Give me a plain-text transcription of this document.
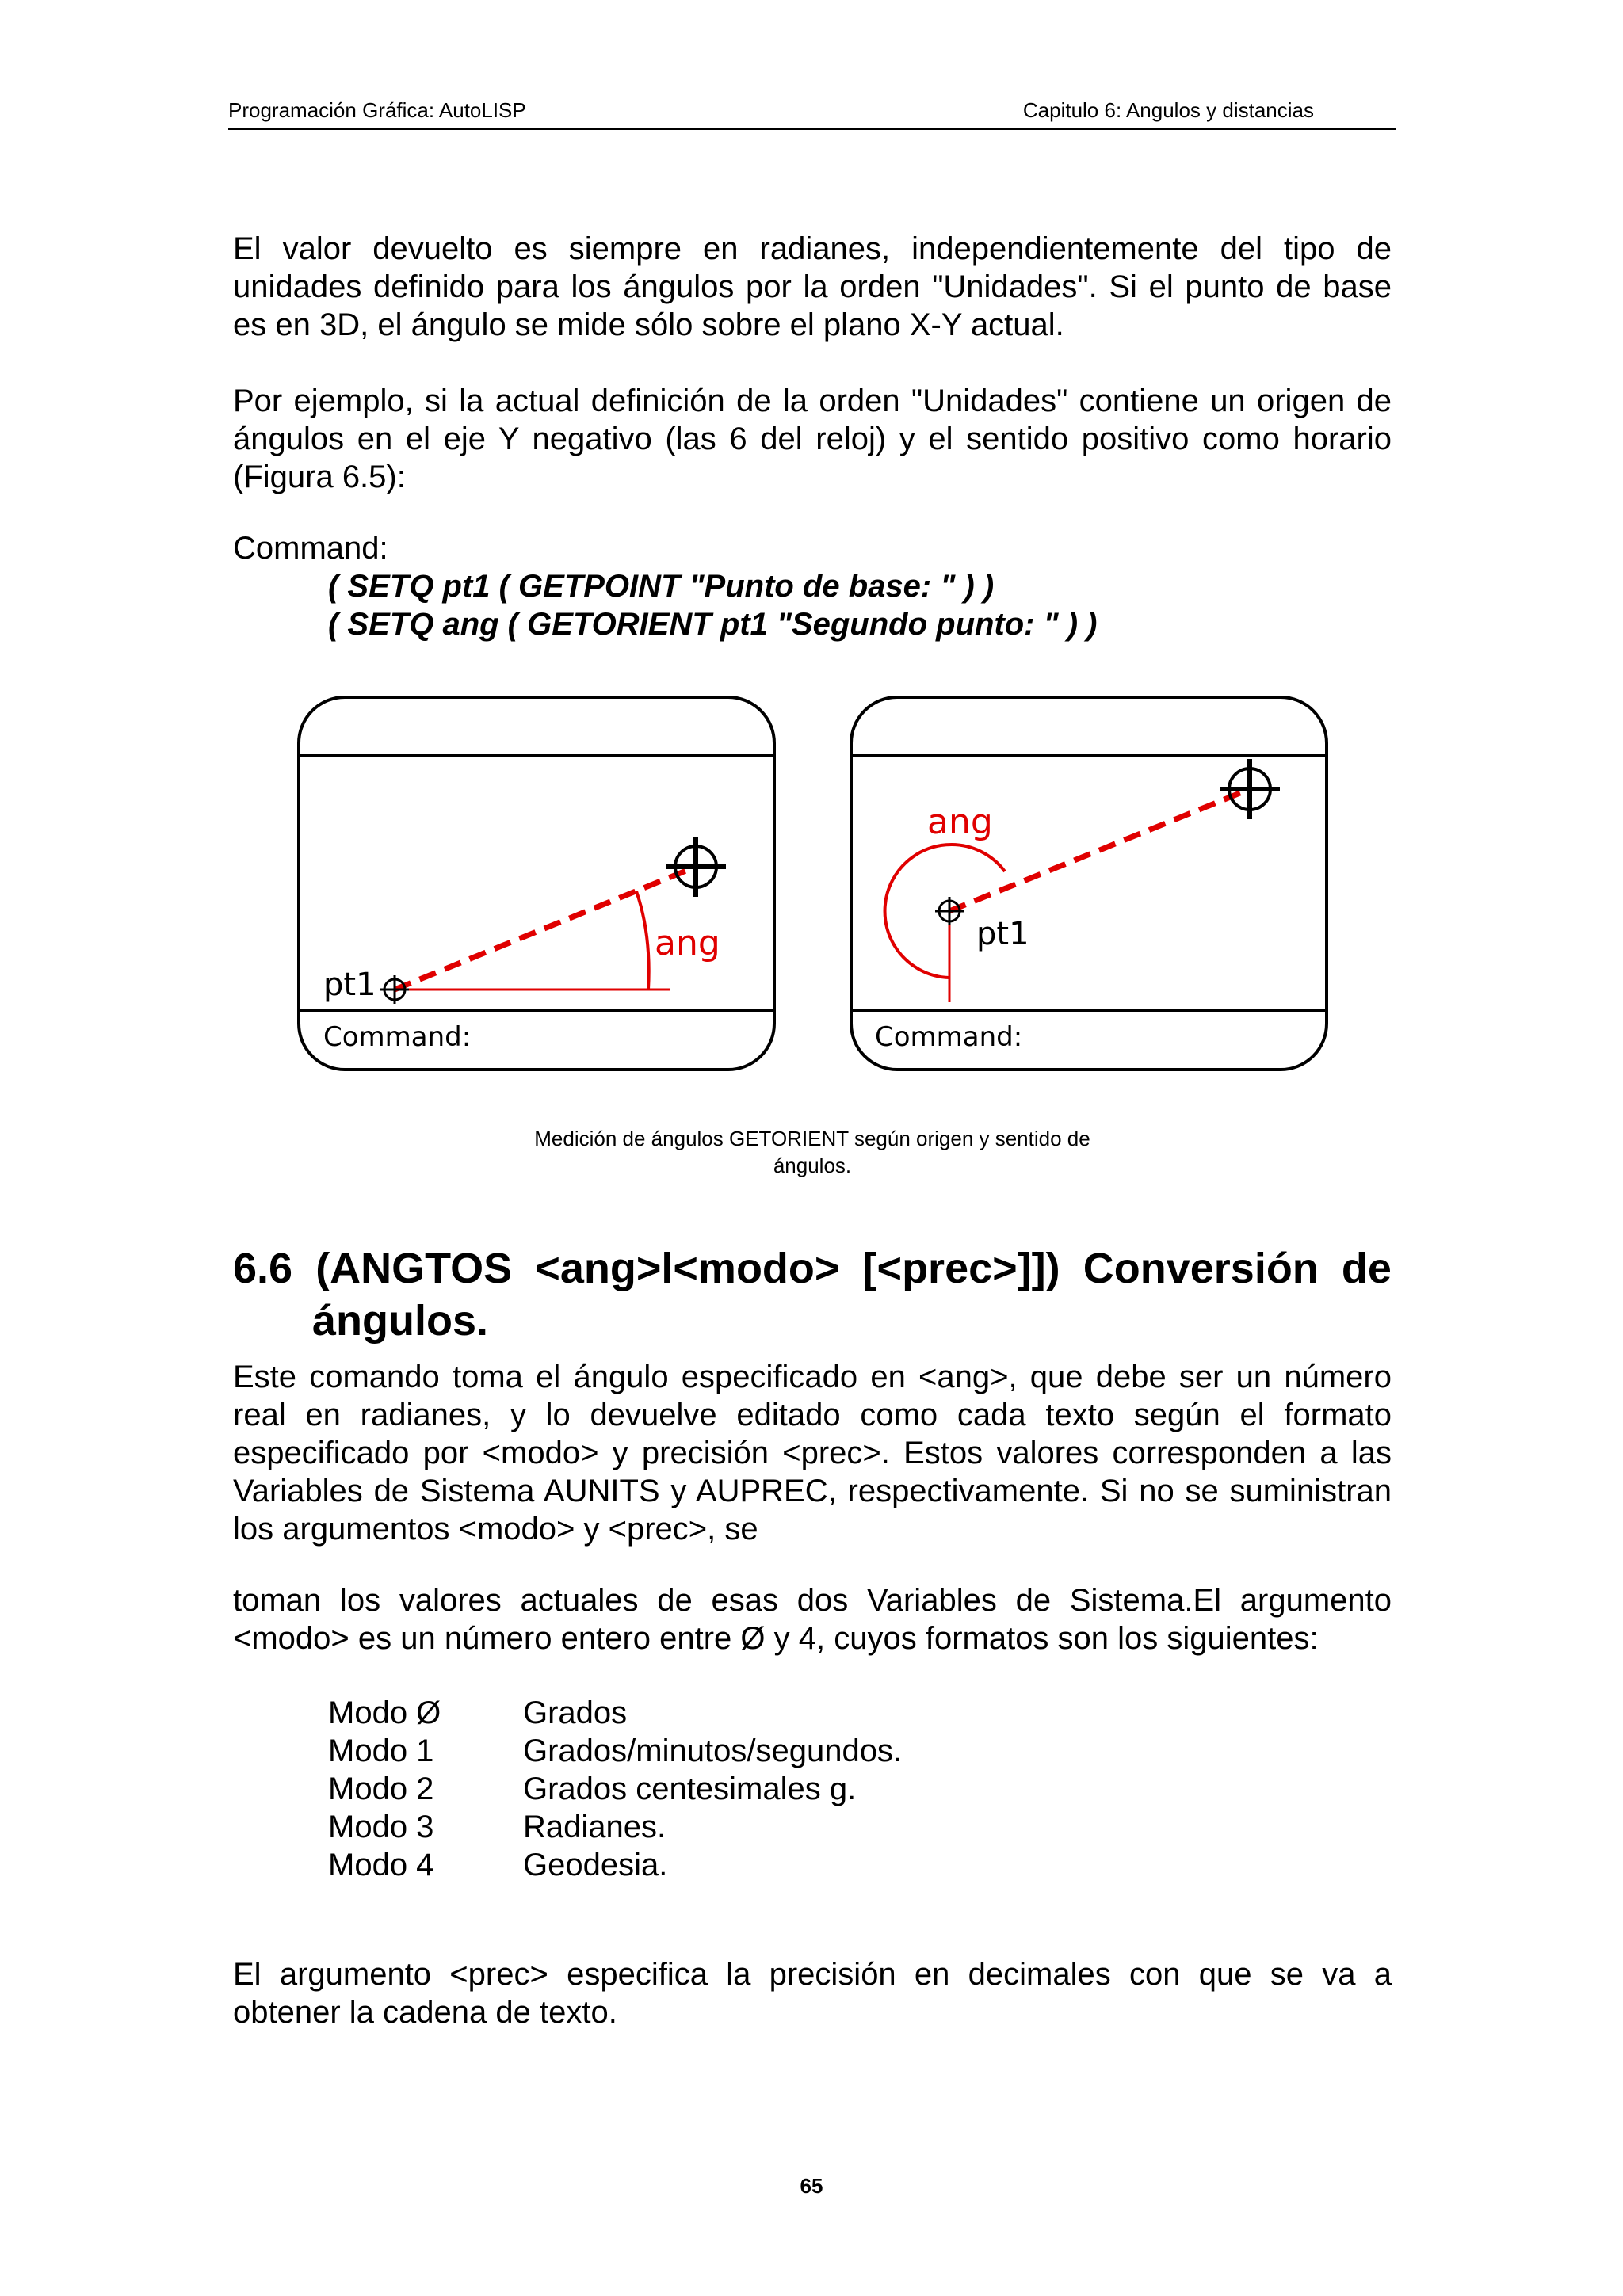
Programación Gráfica: AutoLISP	Capitulo 6: Angulos y distancias

El valor devuelto es siempre en radianes, independientemente del tipo de unidades definido para los ángulos por la orden "Unidades". Si el punto de base es en 3D, el ángulo se mide sólo sobre el plano X-Y actual.

Por ejemplo, si la actual definición de la orden "Unidades" contiene un origen de ángulos en el eje Y negativo (las 6 del reloj) y el sentido positivo como horario (Figura 6.5):

Command:

( SETQ pt1 ( GETPOINT "Punto de base: " ) )

( SETQ ang ( GETORIENT pt1 "Segundo punto: " ) )

ang
pt1
Command:
ang
pt1
Command:
Medición de ángulos GETORIENT según origen y sentido de
ángulos.
6.6 (ANGTOS <ang>l<modo> [<prec>]]) Conversión de
ángulos.

Este comando toma el ángulo especificado en <ang>, que debe ser un número real en radianes, y lo devuelve editado como cada texto según el formato especificado por <modo> y precisión <prec>. Estos valores corresponden a las Variables de Sistema AUNITS y AUPREC, respectivamente. Si no se suministran los argumentos <modo> y <prec>, se

toman los valores actuales de esas dos Variables de Sistema.El argumento <modo> es un número entero entre Ø y 4, cuyos formatos son los siguientes:

Modo Ø	Grados
Modo 1	Grados/minutos/segundos.
Modo 2	Grados centesimales g.
Modo 3	Radianes.
Modo 4	Geodesia.

El argumento <prec> especifica la precisión en decimales con que se va a obtener la cadena de texto.

65
